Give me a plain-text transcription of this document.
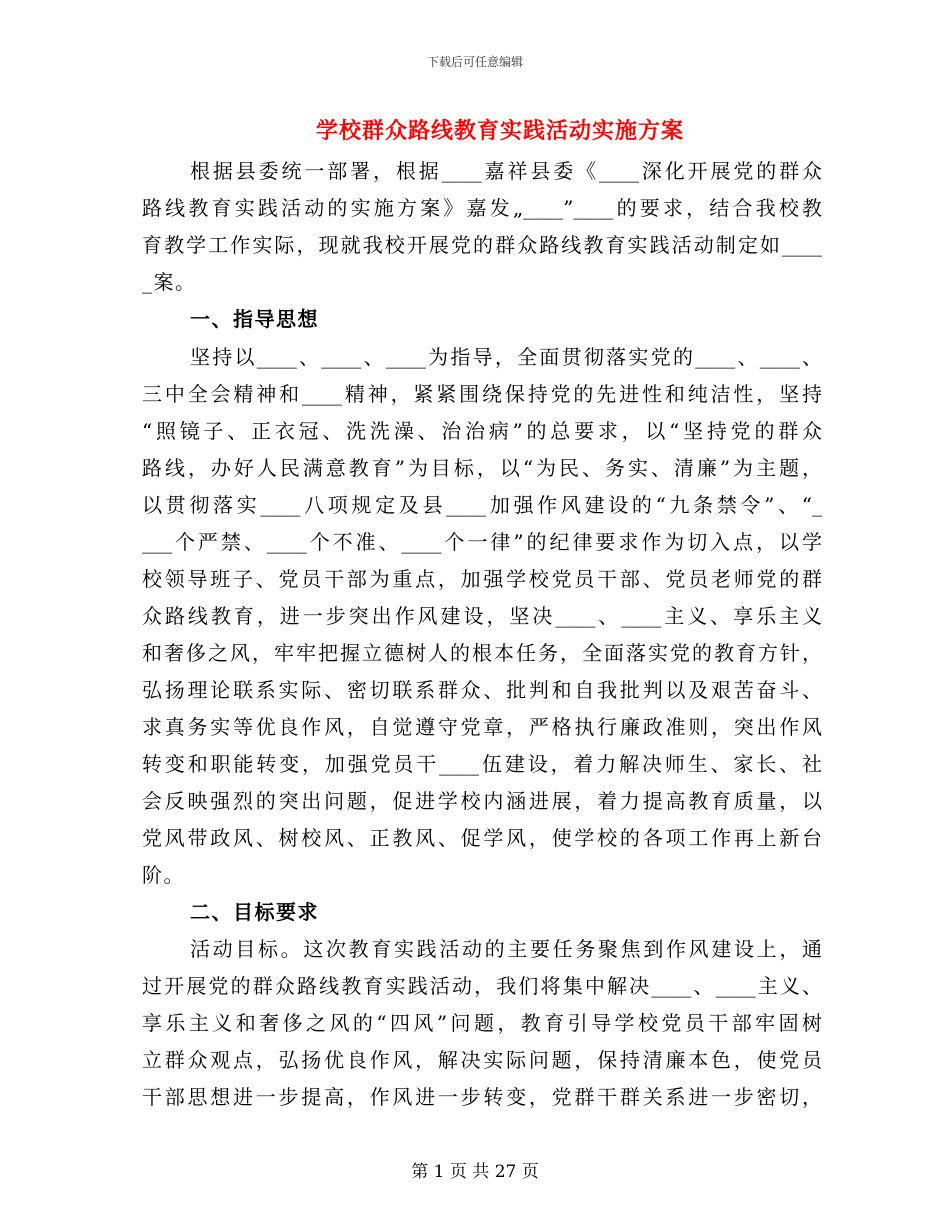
下载后可任意编辑
学校群众路线教育实践活动实施方案
根据县委统一部署，根据____嘉祥县委《____深化开展党的群众
路线教育实践活动的实施方案》嘉发„____”____的要求，结合我校教
育教学工作实际，现就我校开展党的群众路线教育实践活动制定如____
_案。
一、指导思想
坚持以____、____、____为指导，全面贯彻落实党的____、____、
三中全会精神和____精神，紧紧围绕保持党的先进性和纯洁性，坚持
“照镜子、正衣冠、洗洗澡、治治病”的总要求，以“坚持党的群众
路线，办好人民满意教育”为目标，以“为民、务实、清廉”为主题，
以贯彻落实____八项规定及县____加强作风建设的“九条禁令”、“_
___个严禁、____个不准、____个一律”的纪律要求作为切入点，以学
校领导班子、党员干部为重点，加强学校党员干部、党员老师党的群
众路线教育，进一步突出作风建设，坚决____、____主义、享乐主义
和奢侈之风，牢牢把握立德树人的根本任务，全面落实党的教育方针，
弘扬理论联系实际、密切联系群众、批判和自我批判以及艰苦奋斗、
求真务实等优良作风，自觉遵守党章，严格执行廉政准则，突出作风
转变和职能转变，加强党员干____伍建设，着力解决师生、家长、社
会反映强烈的突出问题，促进学校内涵进展，着力提高教育质量，以
党风带政风、树校风、正教风、促学风，使学校的各项工作再上新台
阶。
二、目标要求
活动目标。这次教育实践活动的主要任务聚焦到作风建设上，通
过开展党的群众路线教育实践活动，我们将集中解决____、____主义、
享乐主义和奢侈之风的“四风”问题，教育引导学校党员干部牢固树
立群众观点，弘扬优良作风，解决实际问题，保持清廉本色，使党员
干部思想进一步提高，作风进一步转变，党群干群关系进一步密切，
第 1 页 共 27 页
